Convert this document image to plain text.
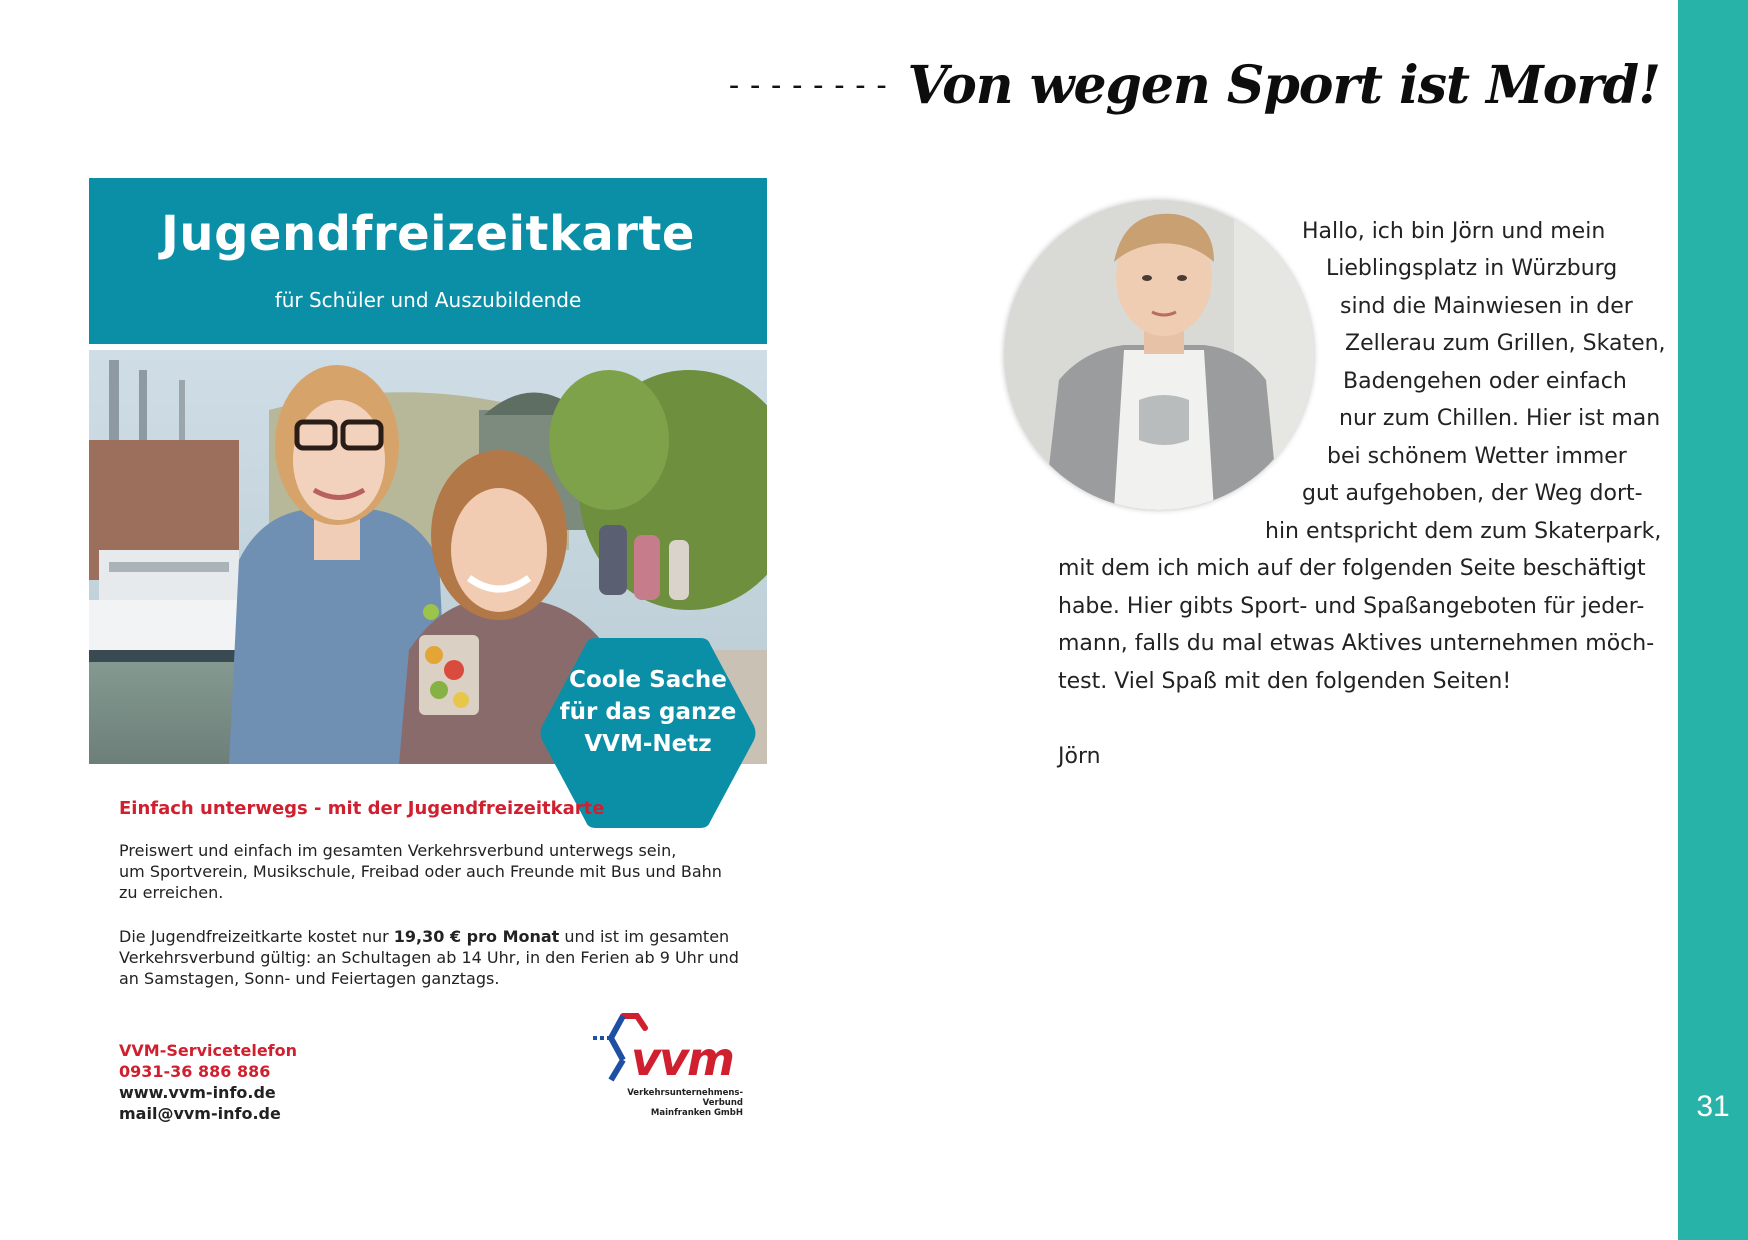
31
-------- Von wegen Sport ist Mord!
Jugendfreizeitkarte
für Schüler und Auszubildende
Coole Sache
für das ganze
VVM-Netz
Einfach unterwegs - mit der Jugendfreizeitkarte
Preiswert und einfach im gesamten Verkehrsverbund unterwegs sein,
um Sportverein, Musikschule, Freibad oder auch Freunde mit Bus und Bahn
zu erreichen.
Die Jugendfreizeitkarte kostet nur 19,30 € pro Monat und ist im gesamten
Verkehrsverbund gültig: an Schultagen ab 14 Uhr, in den Ferien ab 9 Uhr und
an Samstagen, Sonn- und Feiertagen ganztags.
VVM-Servicetelefon
0931-36 886 886
www.vvm-info.de
mail@vvm-info.de
vvm
Verkehrsunternehmens-Verbund
Mainfranken GmbH
Hallo, ich bin Jörn und mein
Lieblingsplatz in Würzburg
sind die Mainwiesen in der
Zellerau zum Grillen, Skaten,
Badengehen oder einfach
nur zum Chillen. Hier ist man
bei schönem Wetter immer
gut aufgehoben, der Weg dort-
hin entspricht dem zum Skaterpark,
mit dem ich mich auf der folgenden Seite beschäftigt
habe. Hier gibts Sport- und Spaßangeboten für jeder-
mann, falls du mal etwas Aktives unternehmen möch-
test. Viel Spaß mit den folgenden Seiten!
Jörn
